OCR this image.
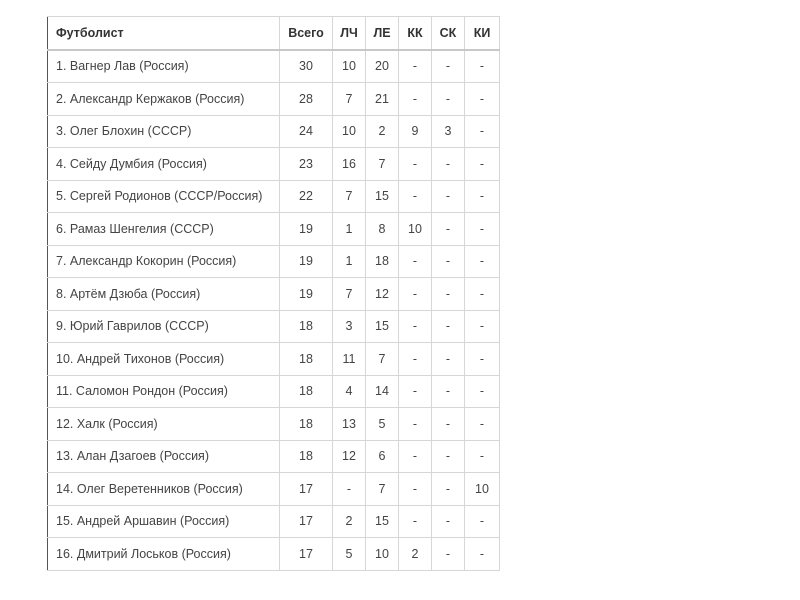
Футболист	Всего	ЛЧ	ЛЕ	КК	СК	КИ
1. Вагнер Лав (Россия)	30	10	20	-	-	-
2. Александр Кержаков (Россия)	28	7	21	-	-	-
3. Олег Блохин (СССР)	24	10	2	9	3	-
4. Сейду Думбия (Россия)	23	16	7	-	-	-
5. Сергей Родионов (СССР/Россия)	22	7	15	-	-	-
6. Рамаз Шенгелия (СССР)	19	1	8	10	-	-
7. Александр Кокорин (Россия)	19	1	18	-	-	-
8. Артём Дзюба (Россия)	19	7	12	-	-	-
9. Юрий Гаврилов (СССР)	18	3	15	-	-	-
10. Андрей Тихонов (Россия)	18	11	7	-	-	-
11. Саломон Рондон (Россия)	18	4	14	-	-	-
12. Халк (Россия)	18	13	5	-	-	-
13. Алан Дзагоев (Россия)	18	12	6	-	-	-
14. Олег Веретенников (Россия)	17	-	7	-	-	10
15. Андрей Аршавин (Россия)	17	2	15	-	-	-
16. Дмитрий Лоськов (Россия)	17	5	10	2	-	-
